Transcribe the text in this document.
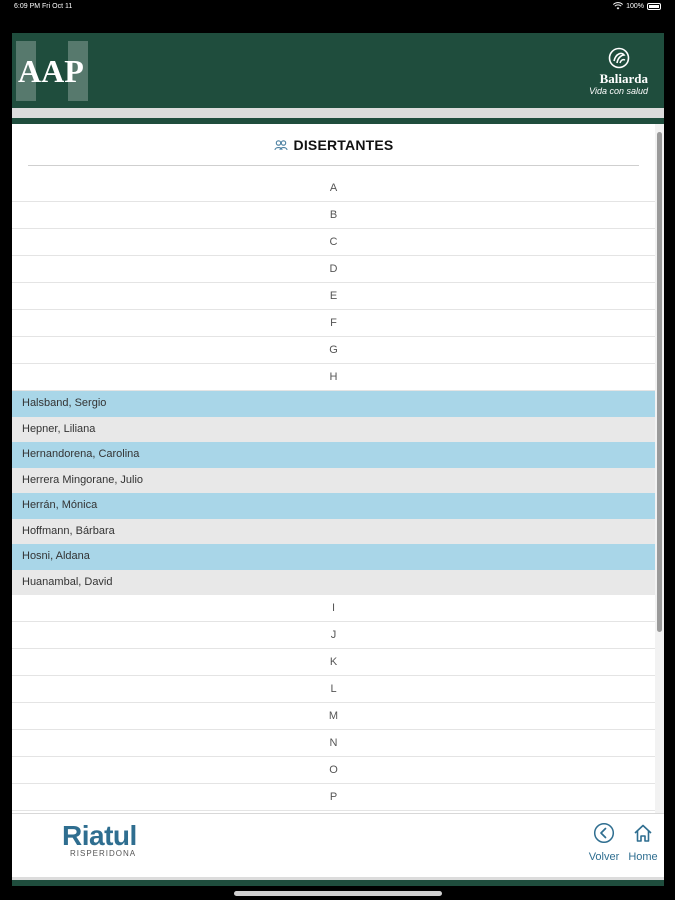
6:09 PM Fri Oct 11	100%
AAP	Baliarda
Vida con salud
DISERTANTES
A
B
C
D
E
F
G
H
Halsband, Sergio
Hepner, Liliana
Hernandorena, Carolina
Herrera Mingorane, Julio
Herrán, Mónica
Hoffmann, Bárbara
Hosni, Aldana
Huanambal, David
I
J
K
L
M
N
O
P
Riatul
RISPERIDONA	Volver Home
